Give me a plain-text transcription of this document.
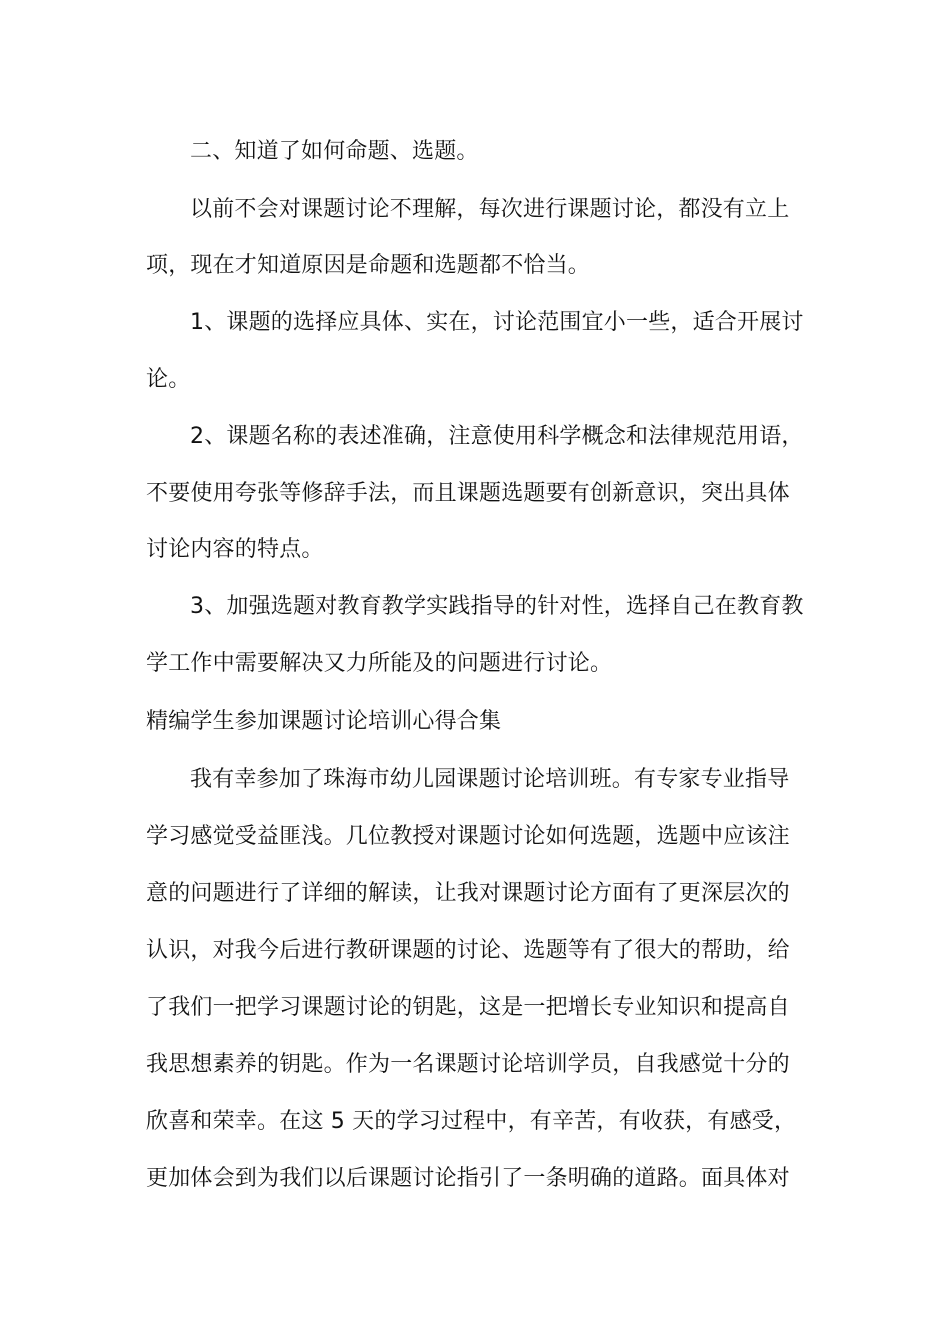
二、知道了如何命题、选题。
以前不会对课题讨论不理解，每次进行课题讨论，都没有立上
项，现在才知道原因是命题和选题都不恰当。
1、课题的选择应具体、实在，讨论范围宜小一些，适合开展讨
论。
2、课题名称的表述准确，注意使用科学概念和法律规范用语，
不要使用夸张等修辞手法，而且课题选题要有创新意识，突出具体
讨论内容的特点。
3、加强选题对教育教学实践指导的针对性，选择自己在教育教
学工作中需要解决又力所能及的问题进行讨论。
精编学生参加课题讨论培训心得合集
我有幸参加了珠海市幼儿园课题讨论培训班。有专家专业指导
学习感觉受益匪浅。几位教授对课题讨论如何选题，选题中应该注
意的问题进行了详细的解读，让我对课题讨论方面有了更深层次的
认识，对我今后进行教研课题的讨论、选题等有了很大的帮助，给
了我们一把学习课题讨论的钥匙，这是一把增长专业知识和提高自
我思想素养的钥匙。作为一名课题讨论培训学员，自我感觉十分的
欣喜和荣幸。在这 5 天的学习过程中，有辛苦，有收获，有感受，
更加体会到为我们以后课题讨论指引了一条明确的道路。面具体对
